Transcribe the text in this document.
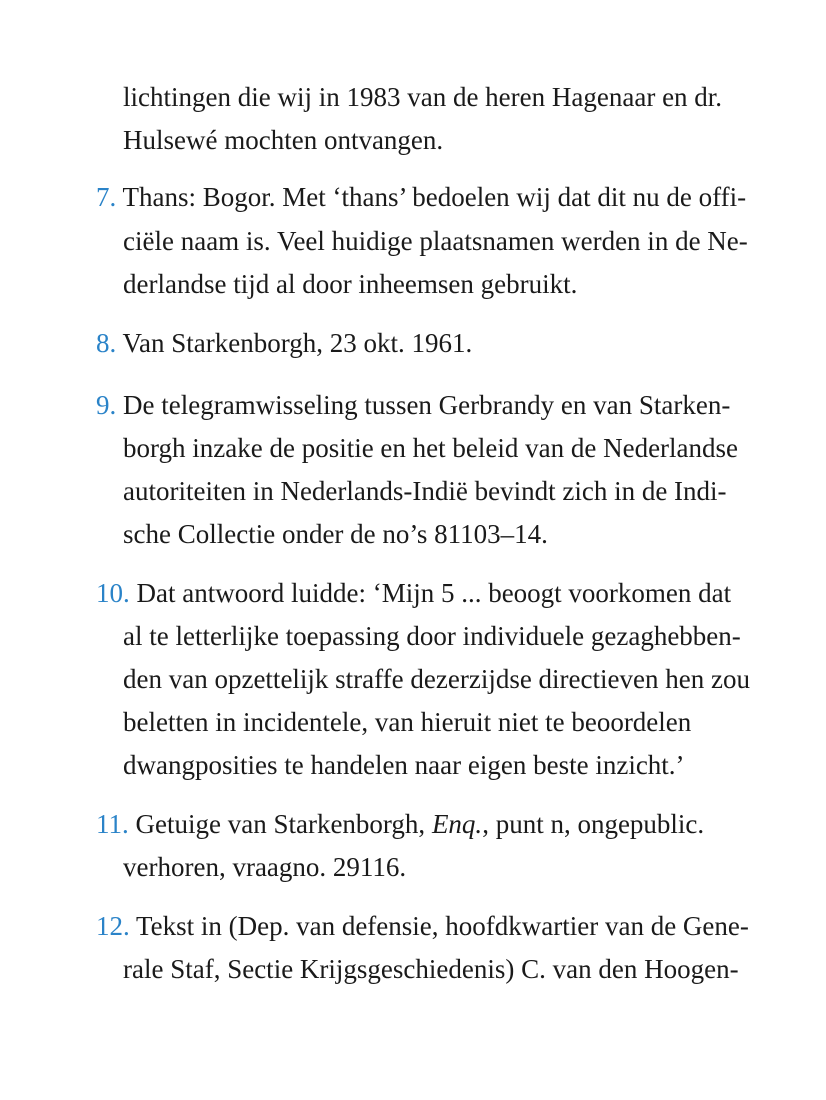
lichtingen die wij in 1983 van de heren Hagenaar en dr.
Hulsewé mochten ontvangen.
7. Thans: Bogor. Met ‘thans’ bedoelen wij dat dit nu de offi-
ciële naam is. Veel huidige plaatsnamen werden in de Ne-
derlandse tijd al door inheemsen gebruikt.
8. Van Starkenborgh, 23 okt. 1961.
9. De telegramwisseling tussen Gerbrandy en van Starken-
borgh inzake de positie en het beleid van de Nederlandse
autoriteiten in Nederlands-Indië bevindt zich in de Indi-
sche Collectie onder de no’s 81103–14.
10. Dat antwoord luidde: ‘Mijn 5 ... beoogt voorkomen dat
al te letterlijke toepassing door individuele gezaghebben-
den van opzettelijk straffe dezerzijdse directieven hen zou
beletten in incidentele, van hieruit niet te beoordelen
dwangposities te handelen naar eigen beste inzicht.’
11. Getuige van Starkenborgh, Enq., punt n, ongepublic.
verhoren, vraagno. 29116.
12. Tekst in (Dep. van defensie, hoofdkwartier van de Gene-
rale Staf, Sectie Krijgsgeschiedenis) C. van den Hoogen-
